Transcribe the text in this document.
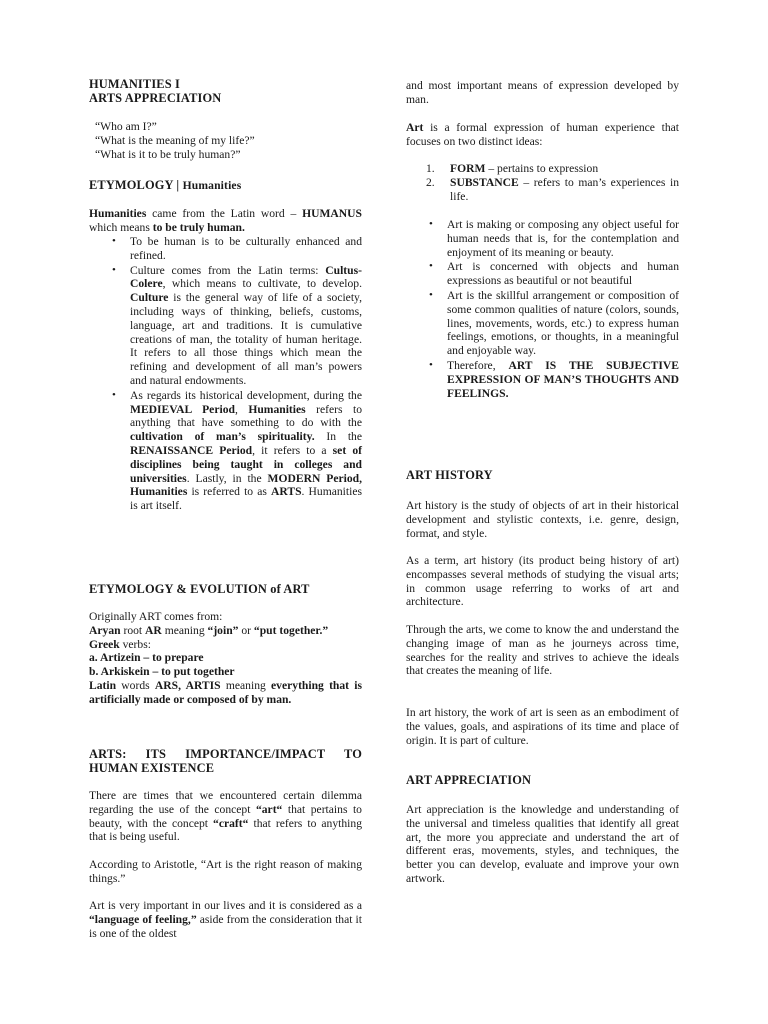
HUMANITIES I
ARTS APPRECIATION
“Who am I?”
“What is the meaning of my life?”
“What is it to be truly human?”
ETYMOLOGY | Humanities

Humanities came from the Latin word – HUMANUS which means to be truly human.

• To be human is to be culturally enhanced and refined.
• Culture comes from the Latin terms: Cultus-Colere, which means to cultivate, to develop. Culture is the general way of life of a society, including ways of thinking, beliefs, customs, language, art and traditions. It is cumulative creations of man, the totality of human heritage. It refers to all those things which mean the refining and development of all man’s powers and natural endowments.
• As regards its historical development, during the MEDIEVAL Period, Humanities refers to anything that have something to do with the cultivation of man’s spirituality. In the RENAISSANCE Period, it refers to a set of disciplines being taught in colleges and universities. Lastly, in the MODERN Period, Humanities is referred to as ARTS. Humanities is art itself.
ETYMOLOGY & EVOLUTION of ART

Originally ART comes from:

Aryan root AR meaning “join” or “put together.”

Greek verbs:

a. Artizein – to prepare

b. Arkiskein – to put together

Latin words ARS, ARTIS meaning everything that is artificially made or composed of by man.

ARTS: ITS IMPORTANCE/IMPACT TO HUMAN EXISTENCE

There are times that we encountered certain dilemma regarding the use of the concept “art“ that pertains to beauty, with the concept “craft“ that refers to anything that is being useful.

According to Aristotle, “Art is the right reason of making things.”

Art is very important in our lives and it is considered as a “language of feeling,” aside from the consideration that it is one of the oldest

and most important means of expression developed by man.

Art is a formal expression of human experience that focuses on two distinct ideas:

1. FORM – pertains to expression
2. SUBSTANCE – refers to man’s experiences in life.
• Art is making or composing any object useful for human needs that is, for the contemplation and enjoyment of its meaning or beauty.
• Art is concerned with objects and human expressions as beautiful or not beautiful
• Art is the skillful arrangement or composition of some common qualities of nature (colors, sounds, lines, movements, words, etc.) to express human feelings, emotions, or thoughts, in a meaningful and enjoyable way.
• Therefore, ART IS THE SUBJECTIVE EXPRESSION OF MAN’S THOUGHTS AND FEELINGS.
ART HISTORY

Art history is the study of objects of art in their historical development and stylistic contexts, i.e. genre, design, format, and style.

As a term, art history (its product being history of art) encompasses several methods of studying the visual arts; in common usage referring to works of art and architecture.

Through the arts, we come to know the and understand the changing image of man as he journeys across time, searches for the reality and strives to achieve the ideals that creates the meaning of life.

In art history, the work of art is seen as an embodiment of the values, goals, and aspirations of its time and place of origin. It is part of culture.

ART APPRECIATION

Art appreciation is the knowledge and understanding of the universal and timeless qualities that identify all great art, the more you appreciate and understand the art of different eras, movements, styles, and techniques, the better you can develop, evaluate and improve your own artwork.
